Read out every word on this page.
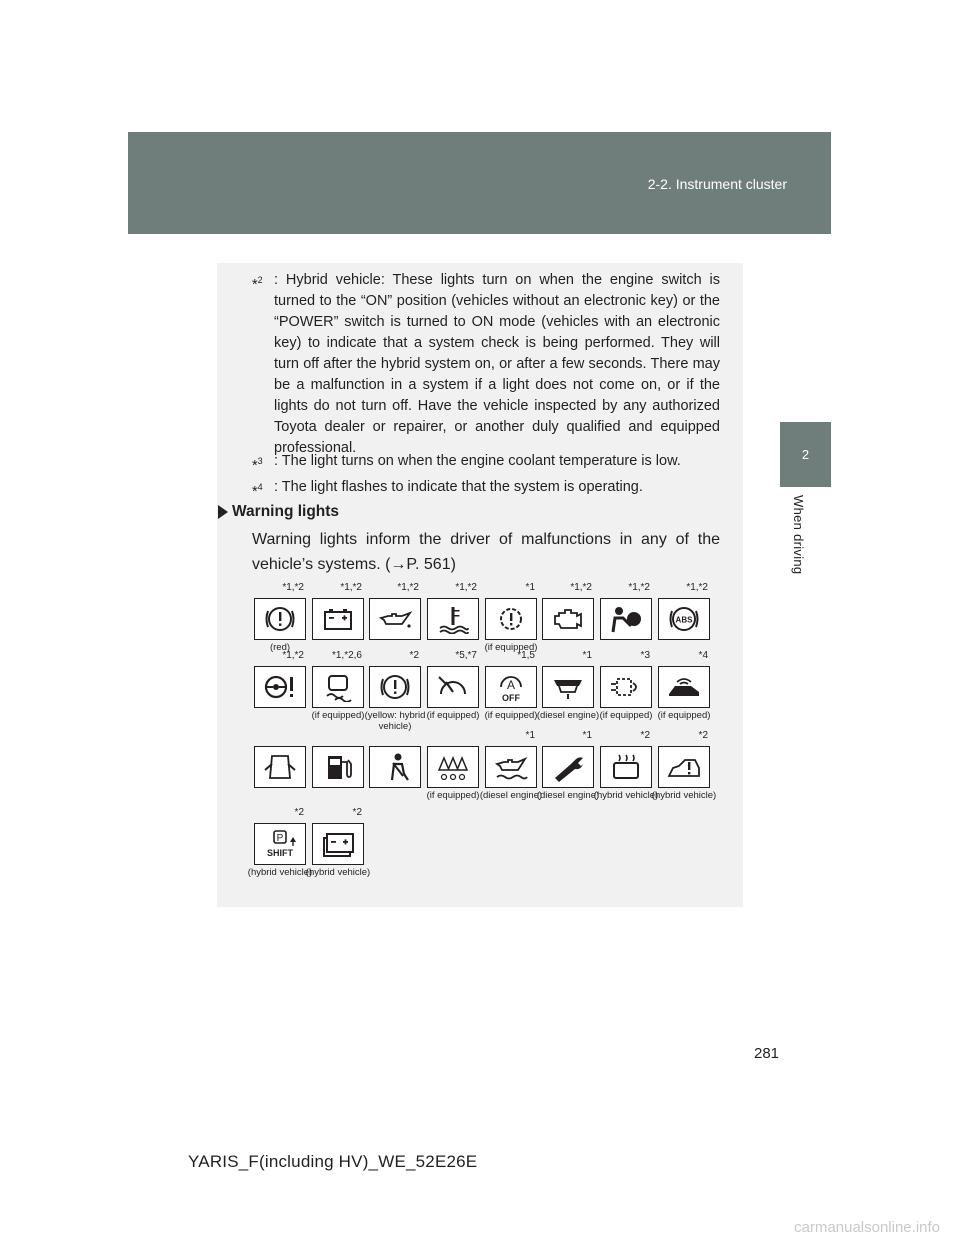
2-2. Instrument cluster
2
When driving
*$^2$ : Hybrid vehicle: These lights turn on when the engine switch is turned to the “ON” position (vehicles without an electronic key) or the “POWER” switch is turned to ON mode (vehicles with an electronic key) to indicate that a system check is being performed. They will turn off after the hybrid system on, or after a few seconds. There may be a malfunction in a system if a light does not come on, or if the lights do not turn off. Have the vehicle inspected by any authorized Toyota dealer or repairer, or another duly qualified and equipped professional.
*$^3$ : The light turns on when the engine coolant temperature is low.
*$^4$ : The light flashes to indicate that the system is operating.
Warning lights
Warning lights inform the driver of malfunctions in any of the vehicle’s systems. (→P. 561)
*1,*2
(red)
*1,*2	*1,*2	*1,*2	*1
(if equipped)
*1,*2	*1,*2
ABS
*1,*2
*1,*2	*1,*2,6
(if equipped)
*2
(yellow: hybrid vehicle)
*5,*7
(if equipped)
A
OFF
*1,5
(if equipped)
*1
(diesel engine)
*3
(if equipped)
*4
(if equipped)
(if equipped)
*1
(diesel engine)
*1
(diesel engine)
*2
(hybrid vehicle)
*2
(hybrid vehicle)
P
SHIFT
*2
(hybrid vehicle)
*2
(hybrid vehicle)
281
YARIS_F(including HV)_WE_52E26E
carmanualsonline.info
